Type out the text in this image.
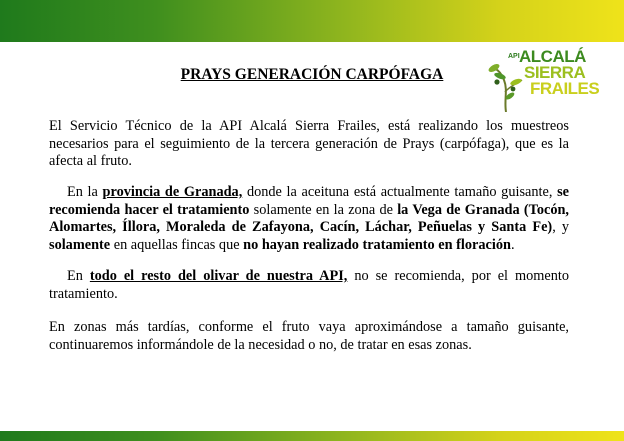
API ALCALÁ
SIERRA
FRAILES
PRAYS GENERACIÓN CARPÓFAGA

El Servicio Técnico de la API Alcalá Sierra Frailes, está realizando los muestreos necesarios para el seguimiento de la tercera generación de Prays (carpófaga), que es la afecta al fruto.

En la provincia de Granada, donde la aceituna está actualmente tamaño guisante, se recomienda hacer el tratamiento solamente en la zona de la Vega de Granada (Tocón, Alomartes, Íllora, Moraleda de Zafayona, Cacín, Láchar, Peñuelas y Santa Fe), y solamente en aquellas fincas que no hayan realizado tratamiento en floración.

En todo el resto del olivar de nuestra API, no se recomienda, por el momento tratamiento.

En zonas más tardías, conforme el fruto vaya aproximándose a tamaño guisante, continuaremos informándole de la necesidad o no, de tratar en esas zonas.
